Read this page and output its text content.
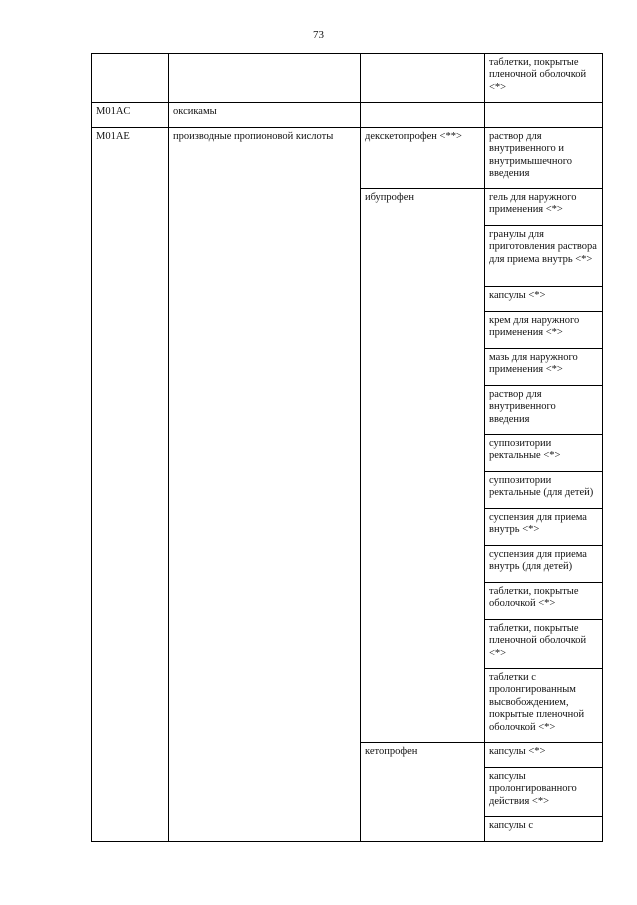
73
			таблетки, покрытые пленочной оболочкой <*>
M01AC	оксикамы		
M01AE	производные пропионовой кислоты	декскетопрофен <**>	раствор для внутривенного и внутримышечного введения
		ибупрофен	гель для наружного применения <*>
			гранулы для приготовления раствора для приема внутрь <*>
			капсулы <*>
			крем для наружного применения <*>
			мазь для наружного применения <*>
			раствор для внутривенного введения
			суппозитории ректальные <*>
			суппозитории ректальные (для детей)
			суспензия для приема внутрь <*>
			суспензия для приема внутрь (для детей)
			таблетки, покрытые оболочкой <*>
			таблетки, покрытые пленочной оболочкой <*>
			таблетки с пролонгированным высвобождением, покрытые пленочной оболочкой <*>
		кетопрофен	капсулы <*>
			капсулы пролонгированного действия <*>
			капсулы с
